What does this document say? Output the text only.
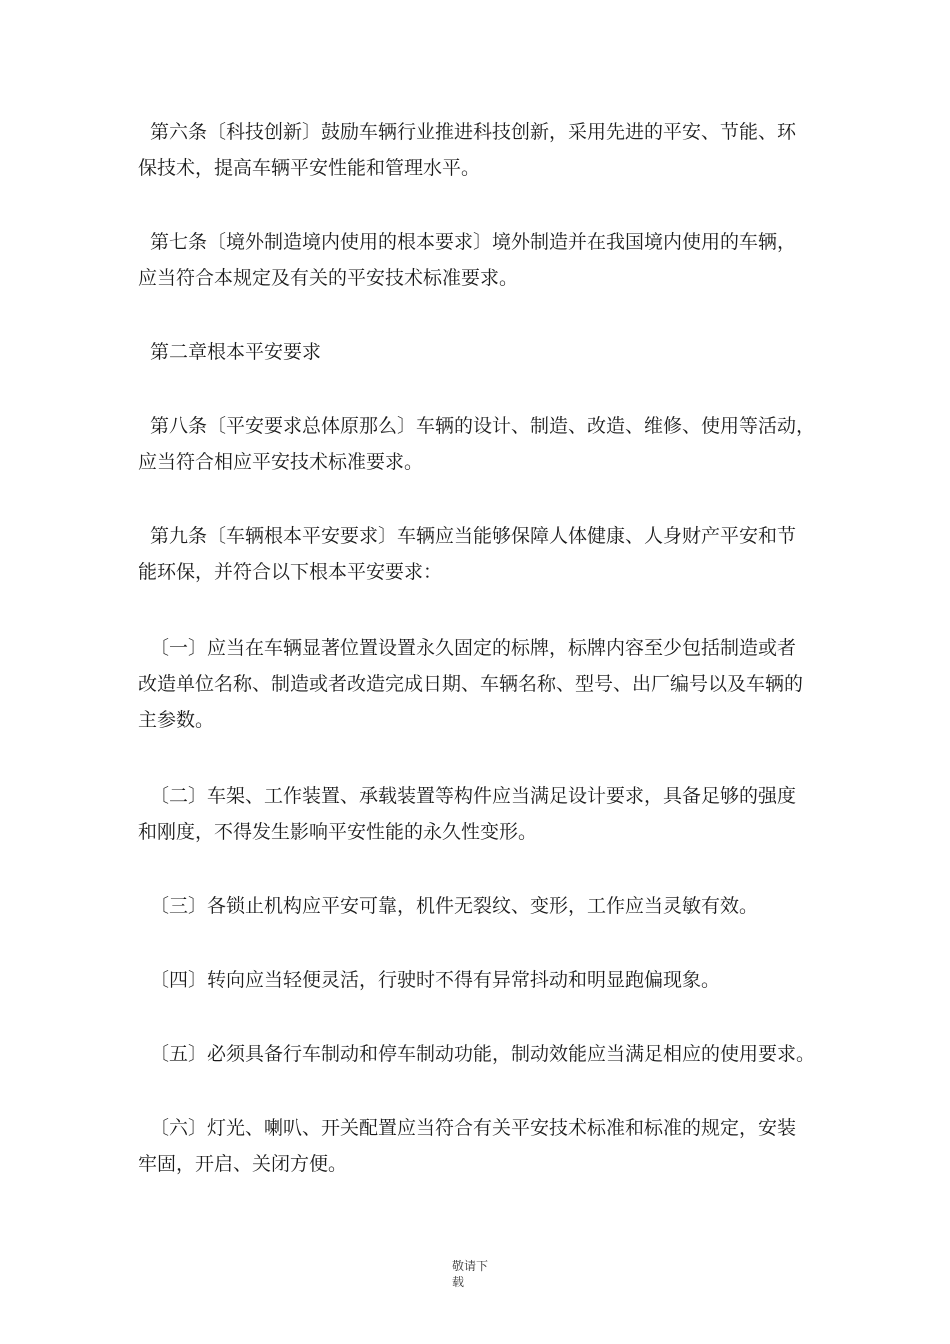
第六条〔科技创新〕鼓励车辆行业推进科技创新，采用先进的平安、节能、环
保技术，提高车辆平安性能和管理水平。

第七条〔境外制造境内使用的根本要求〕境外制造并在我国境内使用的车辆，
应当符合本规定及有关的平安技术标准要求。

第二章根本平安要求

第八条〔平安要求总体原那么〕车辆的设计、制造、改造、维修、使用等活动，
应当符合相应平安技术标准要求。

第九条〔车辆根本平安要求〕车辆应当能够保障人体健康、人身财产平安和节
能环保，并符合以下根本平安要求：

〔一〕应当在车辆显著位置设置永久固定的标牌，标牌内容至少包括制造或者
改造单位名称、制造或者改造完成日期、车辆名称、型号、出厂编号以及车辆的
主参数。

〔二〕车架、工作装置、承载装置等构件应当满足设计要求，具备足够的强度
和刚度，不得发生影响平安性能的永久性变形。

〔三〕各锁止机构应平安可靠，机件无裂纹、变形，工作应当灵敏有效。

〔四〕转向应当轻便灵活，行驶时不得有异常抖动和明显跑偏现象。

〔五〕必须具备行车制动和停车制动功能，制动效能应当满足相应的使用要求。

〔六〕灯光、喇叭、开关配置应当符合有关平安技术标准和标准的规定，安装
牢固，开启、关闭方便。

敬请下
载
